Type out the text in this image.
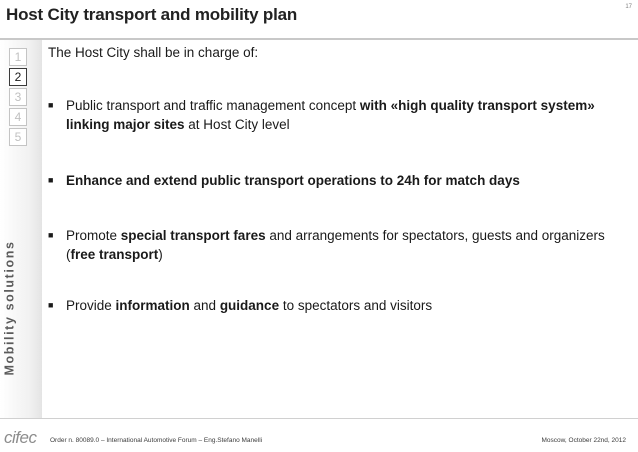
17
Host City transport and mobility plan
1
2
3
4
5
Mobility solutions

The Host City shall be in charge of:

■ Public transport and traffic management concept with «high quality transport system» linking major sites at Host City level
■ Enhance and extend public transport operations to 24h for match days
■ Promote special transport fares and arrangements for spectators, guests and organizers (free transport)
■ Provide information and guidance to spectators and visitors
cifec Order n. 80089.0 – International Automotive Forum – Eng.Stefano Manelli	Moscow, October 22nd, 2012
